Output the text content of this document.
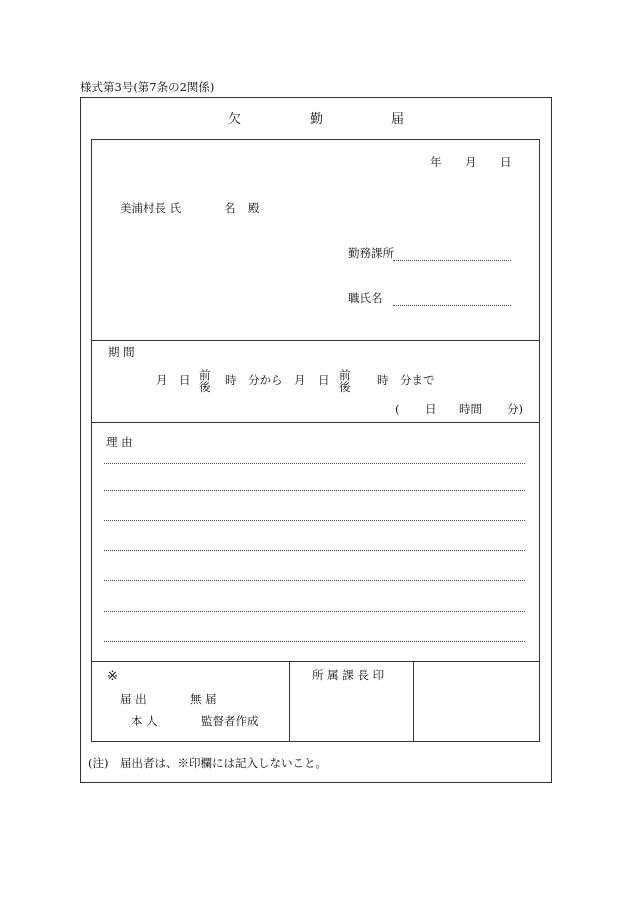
様式第3号(第7条の2関係)
欠	勤	届
年 月 日
美浦村長 氏	名 殿
勤務課所
職氏名
期 間
月 日 前
後
時 分から 月 日 前
後
時 分まで
( 日 時間 分)
理 由
※
届 出	無 届
本 人	監督者作成
所 属 課 長 印
(注) 届出者は、※印欄には記入しないこと。
